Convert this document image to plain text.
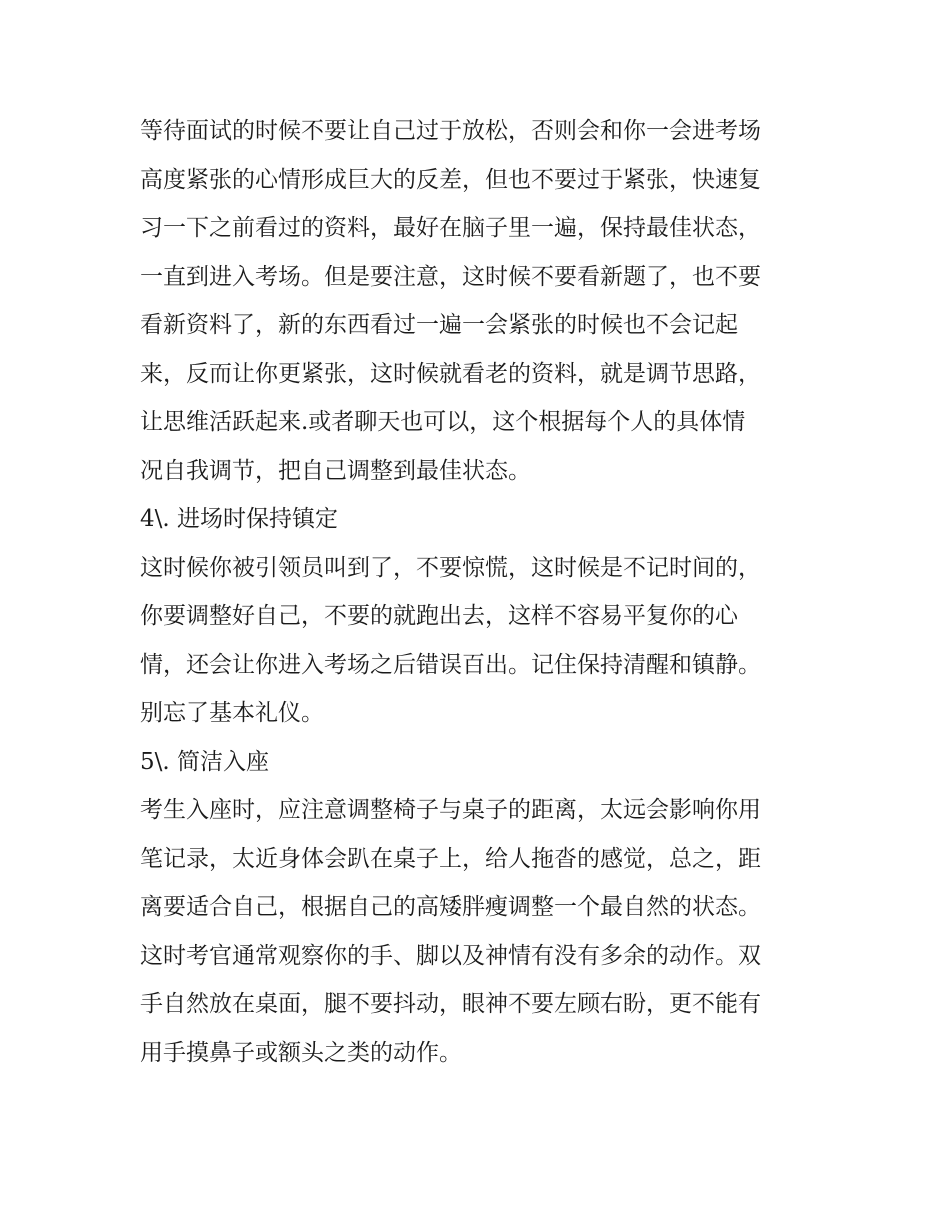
等待面试的时候不要让自己过于放松，否则会和你一会进考场
高度紧张的心情形成巨大的反差，但也不要过于紧张，快速复
习一下之前看过的资料，最好在脑子里一遍，保持最佳状态，
一直到进入考场。但是要注意，这时候不要看新题了，也不要
看新资料了，新的东西看过一遍一会紧张的时候也不会记起
来，反而让你更紧张，这时候就看老的资料，就是调节思路，
让思维活跃起来.或者聊天也可以，这个根据每个人的具体情
况自我调节，把自己调整到最佳状态。
4\. 进场时保持镇定
这时候你被引领员叫到了，不要惊慌，这时候是不记时间的，
你要调整好自己，不要的就跑出去，这样不容易平复你的心
情，还会让你进入考场之后错误百出。记住保持清醒和镇静。
别忘了基本礼仪。
5\. 简洁入座
考生入座时，应注意调整椅子与桌子的距离，太远会影响你用
笔记录，太近身体会趴在桌子上，给人拖沓的感觉，总之，距
离要适合自己，根据自己的高矮胖瘦调整一个最自然的状态。
这时考官通常观察你的手、脚以及神情有没有多余的动作。双
手自然放在桌面，腿不要抖动，眼神不要左顾右盼，更不能有
用手摸鼻子或额头之类的动作。
